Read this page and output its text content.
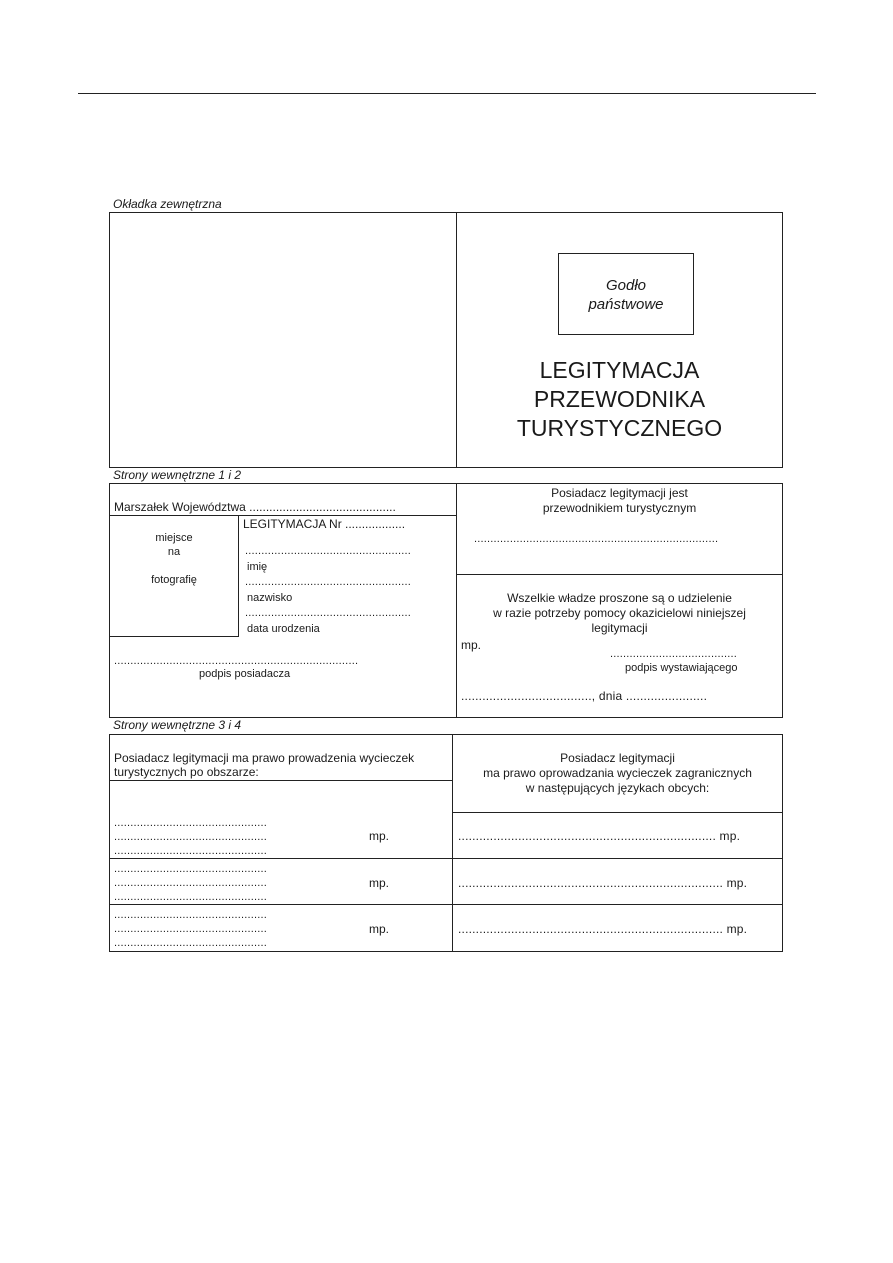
Okładka zewnętrzna
Godło
państwowe
LEGITYMACJA
PRZEWODNIKA
TURYSTYCZNEGO
Strony wewnętrzne 1 i 2
Marszałek Województwa ............................................
miejsce
na
fotografię
LEGITYMACJA Nr ..................
...................................................
imię
...................................................
nazwisko
...................................................
data urodzenia
...........................................................................
podpis posiadacza
Posiadacz legitymacji jest
przewodnikiem turystycznym
...........................................................................
Wszelkie władze proszone są o udzielenie
w razie potrzeby pomocy okazicielowi niniejszej
legitymacji
mp.
.......................................
podpis wystawiającego
....................................., dnia .......................
Strony wewnętrzne 3 i 4
Posiadacz legitymacji ma prawo prowadzenia wycieczek
turystycznych po obszarze:
...............................................
...............................................
...............................................
mp.
...............................................
...............................................
...............................................
mp.
...............................................
...............................................
...............................................
mp.
Posiadacz legitymacji
ma prawo oprowadzania wycieczek zagranicznych
w następujących językach obcych:
......................................................................... mp.
........................................................................... mp.
........................................................................... mp.
